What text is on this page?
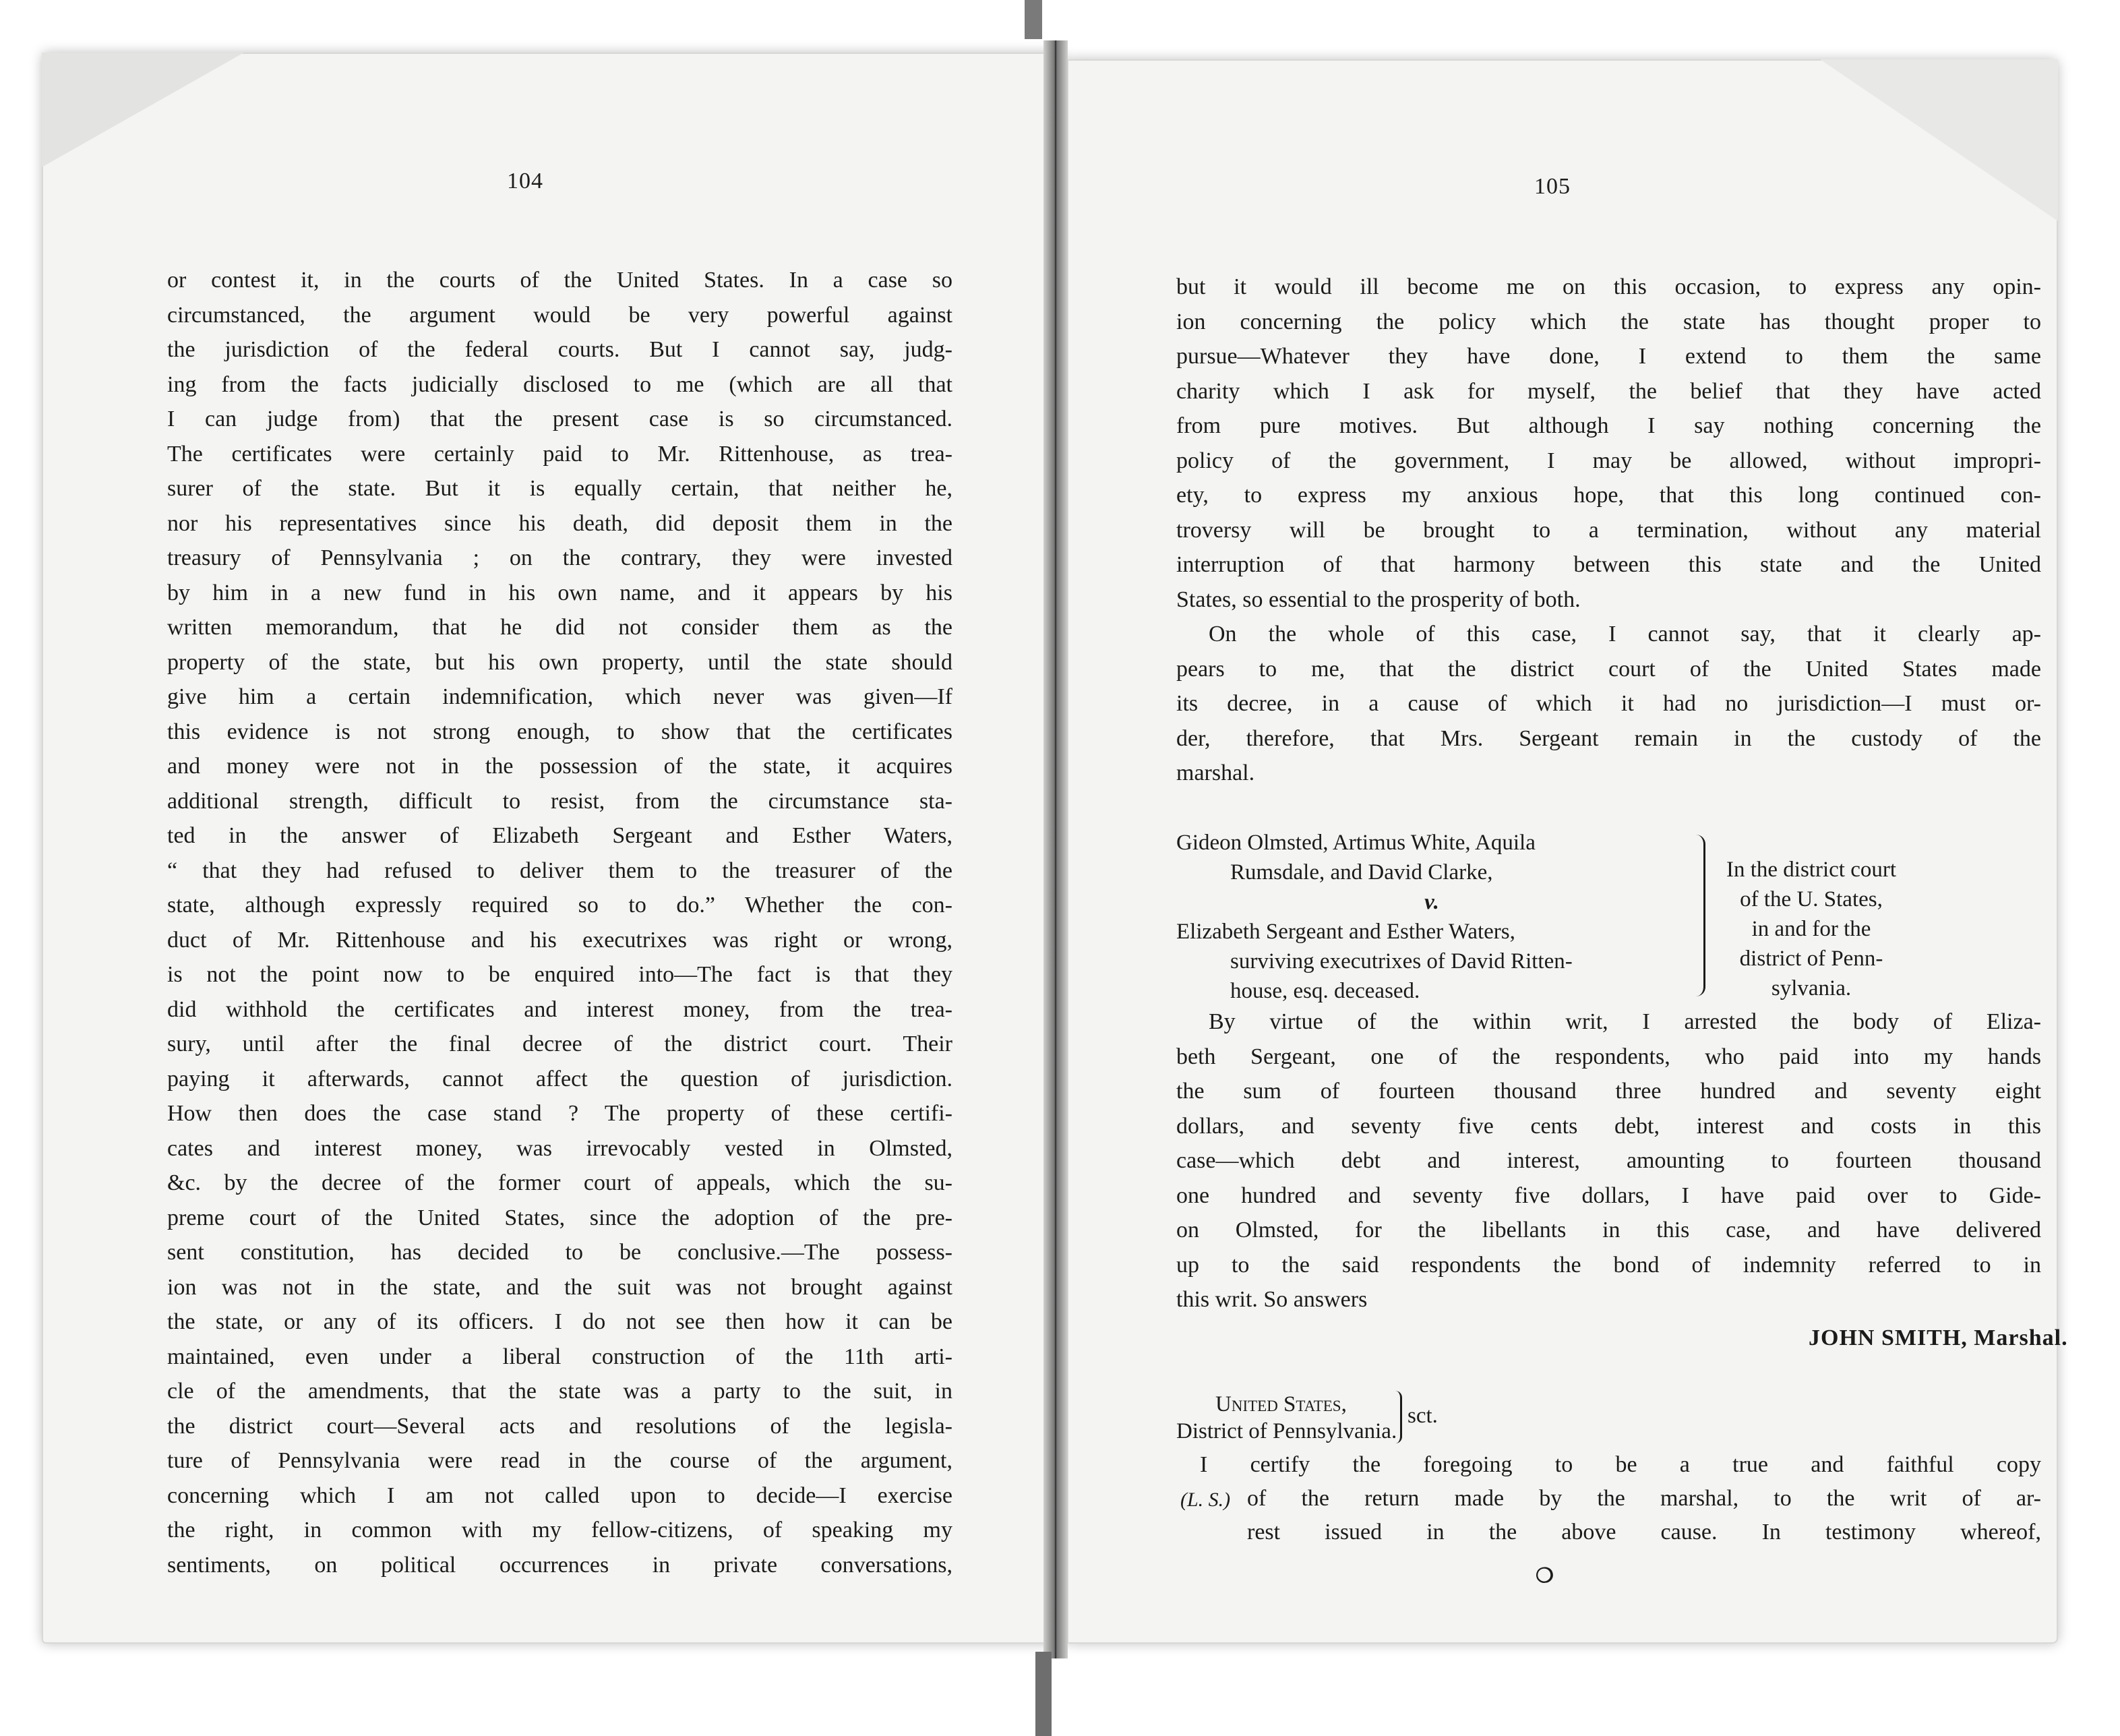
104

or contest it, in the courts of the United States. In a case so

circumstanced, the argument would be very powerful against

the jurisdiction of the federal courts. But I cannot say, judg-

ing from the facts judicially disclosed to me (which are all that

I can judge from) that the present case is so circumstanced.

The certificates were certainly paid to Mr. Rittenhouse, as trea-

surer of the state. But it is equally certain, that neither he,

nor his representatives since his death, did deposit them in the

treasury of Pennsylvania ; on the contrary, they were invested

by him in a new fund in his own name, and it appears by his

written memorandum, that he did not consider them as the

property of the state, but his own property, until the state should

give him a certain indemnification, which never was given—If

this evidence is not strong enough, to show that the certificates

and money were not in the possession of the state, it acquires

additional strength, difficult to resist, from the circumstance sta-

ted in the answer of Elizabeth Sergeant and Esther Waters,

“ that they had refused to deliver them to the treasurer of the

state, although expressly required so to do.” Whether the con-

duct of Mr. Rittenhouse and his executrixes was right or wrong,

is not the point now to be enquired into—The fact is that they

did withhold the certificates and interest money, from the trea-

sury, until after the final decree of the district court. Their

paying it afterwards, cannot affect the question of jurisdiction.

How then does the case stand ? The property of these certifi-

cates and interest money, was irrevocably vested in Olmsted,

&c. by the decree of the former court of appeals, which the su-

preme court of the United States, since the adoption of the pre-

sent constitution, has decided to be conclusive.—The possess-

ion was not in the state, and the suit was not brought against

the state, or any of its officers. I do not see then how it can be

maintained, even under a liberal construction of the 11th arti-

cle of the amendments, that the state was a party to the suit, in

the district court—Several acts and resolutions of the legisla-

ture of Pennsylvania were read in the course of the argument,

concerning which I am not called upon to decide—I exercise

the right, in common with my fellow-citizens, of speaking my

sentiments, on political occurrences in private conversations,

105

but it would ill become me on this occasion, to express any opin-

ion concerning the policy which the state has thought proper to

pursue—Whatever they have done, I extend to them the same

charity which I ask for myself, the belief that they have acted

from pure motives. But although I say nothing concerning the

policy of the government, I may be allowed, without impropri-

ety, to express my anxious hope, that this long continued con-

troversy will be brought to a termination, without any material

interruption of that harmony between this state and the United

States, so essential to the prosperity of both.

On the whole of this case, I cannot say, that it clearly ap-

pears to me, that the district court of the United States made

its decree, in a cause of which it had no jurisdiction—I must or-

der, therefore, that Mrs. Sergeant remain in the custody of the

marshal.

Gideon Olmsted, Artimus White, Aquila
Rumsdale, and David Clarke,
v.
Elizabeth Sergeant and Esther Waters,
surviving executrixes of David Ritten-
house, esq. deceased.
In the district court
of the U. States,
in and for the
district of Penn-
sylvania.

By virtue of the within writ, I arrested the body of Eliza-

beth Sergeant, one of the respondents, who paid into my hands

the sum of fourteen thousand three hundred and seventy eight

dollars, and seventy five cents debt, interest and costs in this

case—which debt and interest, amounting to fourteen thousand

one hundred and seventy five dollars, I have paid over to Gide-

on Olmsted, for the libellants in this case, and have delivered

up to the said respondents the bond of indemnity referred to in

this writ. So answers

JOHN SMITH, Marshal.
United States,
District of Pennsylvania.
sct.
(L. S.)

I certify the foregoing to be a true and faithful copy

of the return made by the marshal, to the writ of ar-

rest issued in the above cause. In testimony whereof,

❍
